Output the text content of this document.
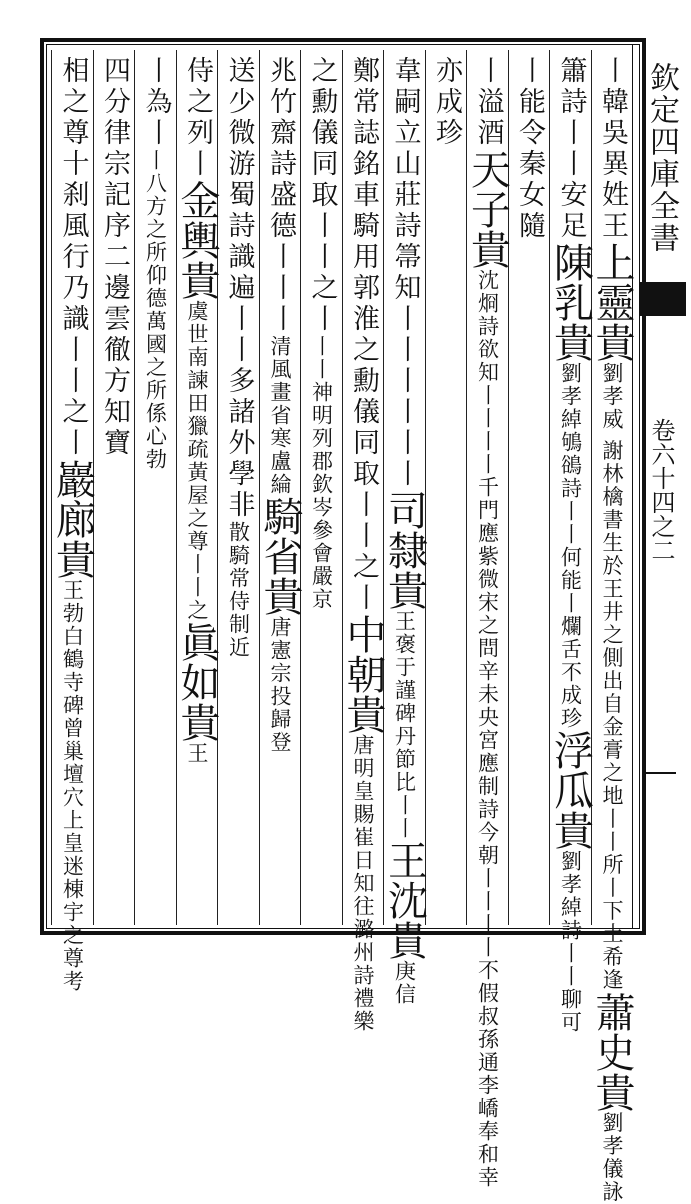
欽定四庫全書
卷六十四之二
丨韓吳異姓王上靈貴劉孝威 謝林檎書生於王井之側出自金膏之地丨丨所丨下土希逢蕭史貴劉孝儀詠
簫詩丨丨安足陳乳貴劉孝綽鴝鵒詩丨丨何能丨爛舌不成珍浮瓜貴劉孝綽詩丨丨聊可
丨能令秦女隨
丨溢酒天子貴沈烱詩欲知丨丨丨丨千門應紫微宋之問辛未央宮應制詩今朝丨丨丨丨不假叔孫通李嶠奉和幸
亦成珍
韋嗣立山莊詩箒知丨丨丨丨丨丨司隸貴王褒于謹碑丹節比丨丨王沈貴庚信
鄭常誌銘車騎用郭淮之勳儀同取丨丨之丨中朝貴唐明皇賜崔日知往潞州詩禮樂
之勳儀同取丨丨之丨丨丨神明列郡欽岑參會嚴京
兆竹齋詩盛德丨丨丨清風畫省寒盧綸騎省貴唐憲宗投歸登
送少微游蜀詩識遍丨丨多諸外學非散騎常侍制近
侍之列丨金輿貴虞世南諫田獵疏黃屋之尊丨丨之眞如貴王
丨為丨丨八方之所仰德萬國之所係心勃
四分律宗記序二邊雲徹方知寶
相之尊十刹風行乃識丨丨之丨巖廊貴王勃白鶴寺碑曾巢壇穴上皇迷棟宇之尊考
